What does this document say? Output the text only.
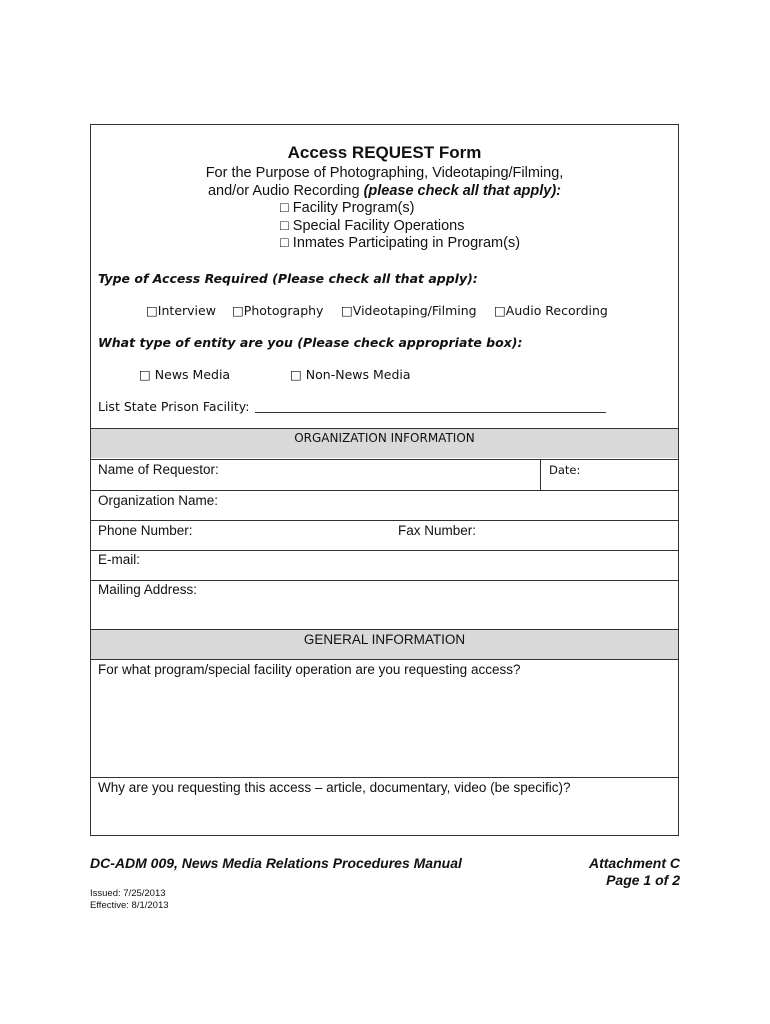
Access REQUEST Form
For the Purpose of Photographing, Videotaping/Filming,
and/or Audio Recording (please check all that apply):
□ Facility Program(s)
□ Special Facility Operations
□ Inmates Participating in Program(s)
Type of Access Required (Please check all that apply):
□Interview □Photography □Videotaping/Filming □Audio Recording
What type of entity are you (Please check appropriate box):
□ News Media	□ Non-News Media
List State Prison Facility:
ORGANIZATION INFORMATION
Name of Requestor:	Date:
Organization Name:
Phone Number:	Fax Number:
E-mail:
Mailing Address:
GENERAL INFORMATION
For what program/special facility operation are you requesting access?
Why are you requesting this access – article, documentary, video (be specific)?
DC-ADM 009, News Media Relations Procedures Manual	Attachment C
Page 1 of 2
Issued: 7/25/2013
Effective: 8/1/2013
